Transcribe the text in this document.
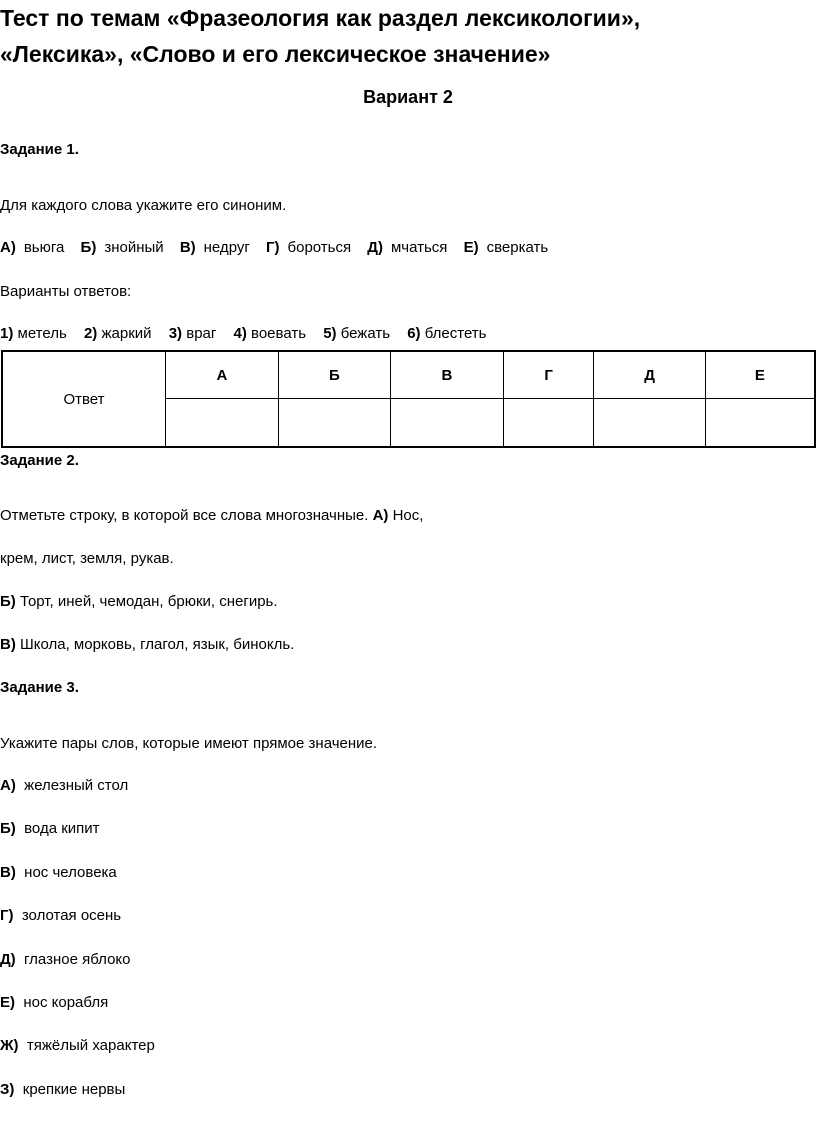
Тест по темам «Фразеология как раздел лексикологии»,
«Лексика», «Слово и его лексическое значение»
Вариант 2
Задание 1.
Для каждого слова укажите его синоним.
А) вьюга Б) знойный В) недруг Г) бороться Д) мчаться Е) сверкать
Варианты ответов:
1) метель 2) жаркий 3) враг 4) воевать 5) бежать 6) блестеть
Ответ	А	Б	В	Г	Д	Е

Задание 2.
Отметьте строку, в которой все слова многозначные. А) Нос,
крем, лист, земля, рукав.
Б) Торт, иней, чемодан, брюки, снегирь.
В) Школа, морковь, глагол, язык, бинокль.
Задание 3.
Укажите пары слов, которые имеют прямое значение.
А) железный стол
Б) вода кипит
В) нос человека
Г) золотая осень
Д) глазное яблоко
Е) нос корабля
Ж) тяжёлый характер
З) крепкие нервы
